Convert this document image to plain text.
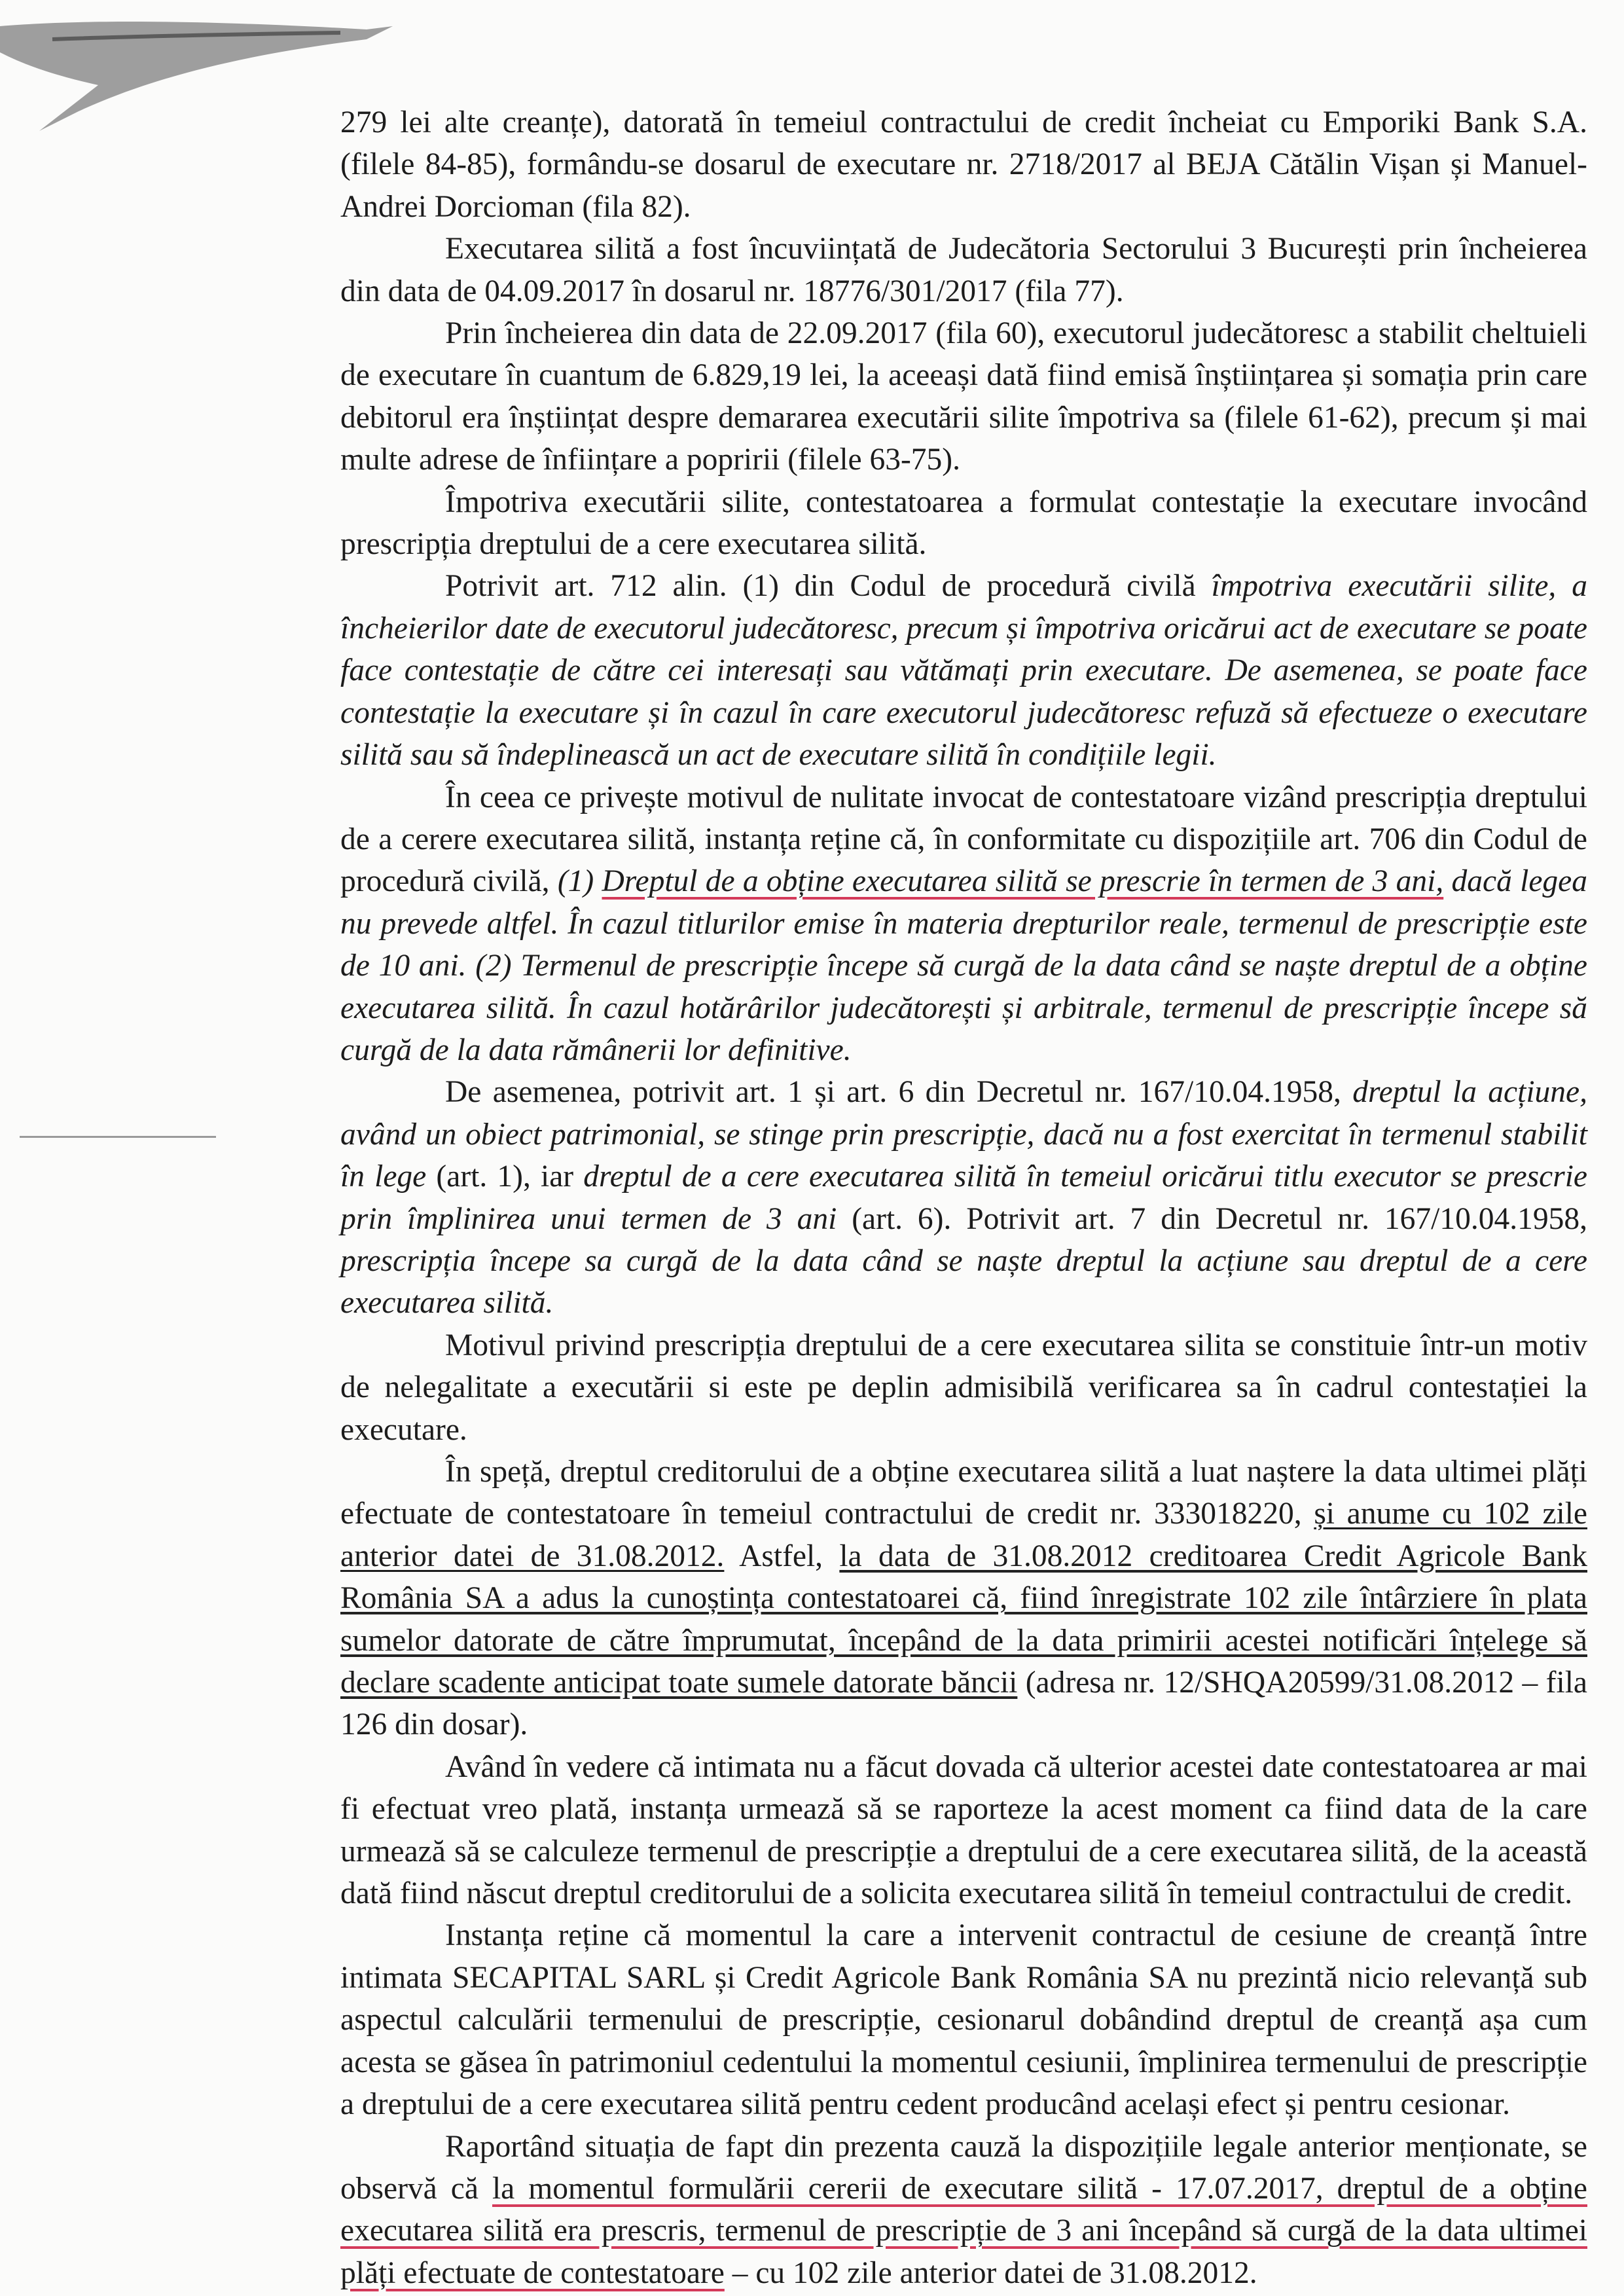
279 lei alte creanțe), datorată în temeiul contractului de credit încheiat cu Emporiki Bank S.A. (filele 84-85), formându-se dosarul de executare nr. 2718/2017 al BEJA Cătălin Vișan și Manuel-Andrei Dorcioman (fila 82).

Executarea silită a fost încuviințată de Judecătoria Sectorului 3 București prin încheierea din data de 04.09.2017 în dosarul nr. 18776/301/2017 (fila 77).

Prin încheierea din data de 22.09.2017 (fila 60), executorul judecătoresc a stabilit cheltuieli de executare în cuantum de 6.829,19 lei, la aceeași dată fiind emisă înștiințarea și somația prin care debitorul era înștiințat despre demararea executării silite împotriva sa (filele 61-62), precum și mai multe adrese de înființare a popririi (filele 63-75).

Împotriva executării silite, contestatoarea a formulat contestație la executare invocând prescripția dreptului de a cere executarea silită.

Potrivit art. 712 alin. (1) din Codul de procedură civilă împotriva executării silite, a încheierilor date de executorul judecătoresc, precum și împotriva oricărui act de executare se poate face contestație de către cei interesați sau vătămați prin executare. De asemenea, se poate face contestație la executare și în cazul în care executorul judecătoresc refuză să efectueze o executare silită sau să îndeplinească un act de executare silită în condițiile legii.

În ceea ce privește motivul de nulitate invocat de contestatoare vizând prescripția dreptului de a cerere executarea silită, instanța reține că, în conformitate cu dispozițiile art. 706 din Codul de procedură civilă, (1) Dreptul de a obține executarea silită se prescrie în termen de 3 ani, dacă legea nu prevede altfel. În cazul titlurilor emise în materia drepturilor reale, termenul de prescripție este de 10 ani. (2) Termenul de prescripție începe să curgă de la data când se naște dreptul de a obține executarea silită. În cazul hotărârilor judecătorești și arbitrale, termenul de prescripție începe să curgă de la data rămânerii lor definitive.

De asemenea, potrivit art. 1 și art. 6 din Decretul nr. 167/10.04.1958, dreptul la acțiune, având un obiect patrimonial, se stinge prin prescripție, dacă nu a fost exercitat în termenul stabilit în lege (art. 1), iar dreptul de a cere executarea silită în temeiul oricărui titlu executor se prescrie prin împlinirea unui termen de 3 ani (art. 6). Potrivit art. 7 din Decretul nr. 167/10.04.1958, prescripția începe sa curgă de la data când se naște dreptul la acțiune sau dreptul de a cere executarea silită.

Motivul privind prescripția dreptului de a cere executarea silita se constituie într-un motiv de nelegalitate a executării si este pe deplin admisibilă verificarea sa în cadrul contestației la executare.

În speță, dreptul creditorului de a obține executarea silită a luat naștere la data ultimei plăți efectuate de contestatoare în temeiul contractului de credit nr. 333018220, și anume cu 102 zile anterior datei de 31.08.2012. Astfel, la data de 31.08.2012 creditoarea Credit Agricole Bank România SA a adus la cunoștința contestatoarei că, fiind înregistrate 102 zile întârziere în plata sumelor datorate de către împrumutat, începând de la data primirii acestei notificări înțelege să declare scadente anticipat toate sumele datorate băncii (adresa nr. 12/SHQA20599/31.08.2012 – fila 126 din dosar).

Având în vedere că intimata nu a făcut dovada că ulterior acestei date contestatoarea ar mai fi efectuat vreo plată, instanța urmează să se raporteze la acest moment ca fiind data de la care urmează să se calculeze termenul de prescripție a dreptului de a cere executarea silită, de la această dată fiind născut dreptul creditorului de a solicita executarea silită în temeiul contractului de credit.

Instanța reține că momentul la care a intervenit contractul de cesiune de creanță între intimata SECAPITAL SARL și Credit Agricole Bank România SA nu prezintă nicio relevanță sub aspectul calculării termenului de prescripție, cesionarul dobândind dreptul de creanță așa cum acesta se găsea în patrimoniul cedentului la momentul cesiunii, împlinirea termenului de prescripție a dreptului de a cere executarea silită pentru cedent producând același efect și pentru cesionar.

Raportând situația de fapt din prezenta cauză la dispozițiile legale anterior menționate, se observă că la momentul formulării cererii de executare silită - 17.07.2017, dreptul de a obține executarea silită era prescris, termenul de prescripție de 3 ani începând să curgă de la data ultimei plăți efectuate de contestatoare – cu 102 zile anterior datei de 31.08.2012.
